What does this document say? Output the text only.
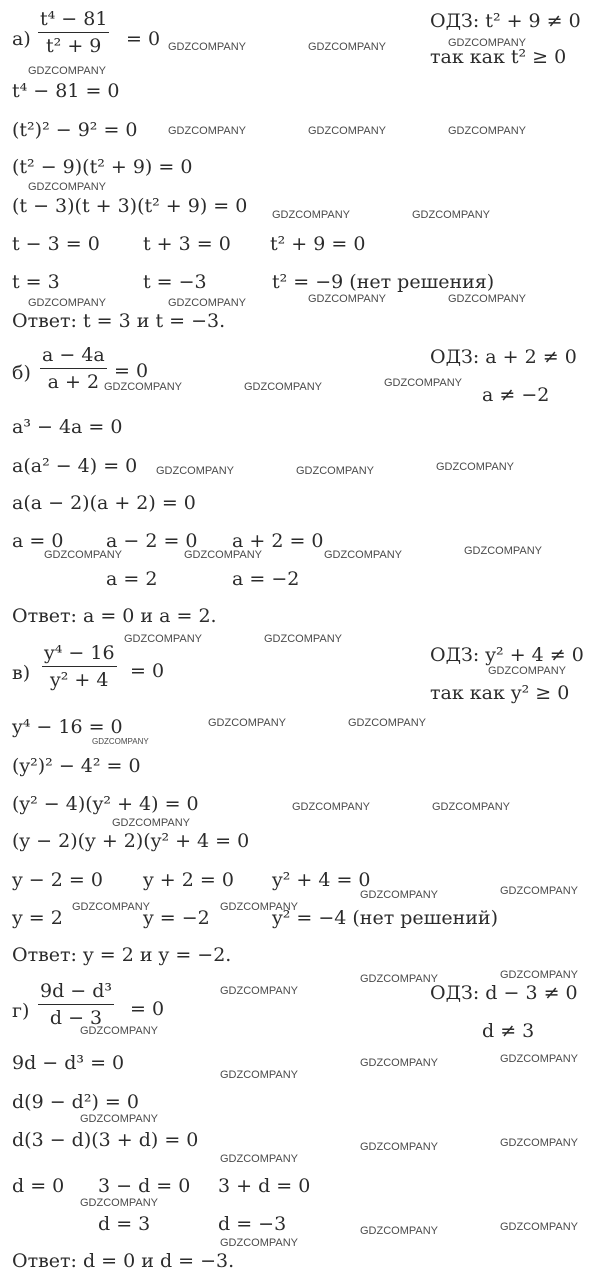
а)
t⁴ − 81
t² + 9	= 0
ОДЗ: t² + 9 ≠ 0
так как t² ≥ 0
t⁴ − 81 = 0
(t²)² − 9² = 0
(t² − 9)(t² + 9) = 0
(t − 3)(t + 3)(t² + 9) = 0
t − 3 = 0 t + 3 = 0 t² + 9 = 0
t = 3	t = −3	t² = −9 (нет решения)
Ответ: t = 3 и t = −3.
б)
a − 4a
a + 2 = 0
ОДЗ: a + 2 ≠ 0
a ≠ −2
a³ − 4a = 0
a(a² − 4) = 0
a(a − 2)(a + 2) = 0
a = 0 a − 2 = 0 a + 2 = 0
a = 2	a = −2
Ответ: a = 0 и a = 2.
в)
y⁴ − 16
y² + 4	= 0
ОДЗ: y² + 4 ≠ 0
так как y² ≥ 0
y⁴ − 16 = 0
(y²)² − 4² = 0
(y² − 4)(y² + 4) = 0
(y − 2)(y + 2)(y² + 4 = 0
y − 2 = 0 y + 2 = 0 y² + 4 = 0
y = 2	y = −2	y² = −4 (нет решений)
Ответ: y = 2 и y = −2.
г)
9d − d³
d − 3	= 0
ОДЗ: d − 3 ≠ 0
d ≠ 3
9d − d³ = 0
d(9 − d²) = 0
d(3 − d)(3 + d) = 0
d = 0 3 − d = 0 3 + d = 0
d = 3	d = −3
Ответ: d = 0 и d = −3.
GDZCOMPANY	GDZCOMPANY	GDZCOMPANY
GDZCOMPANY
GDZCOMPANY	GDZCOMPANY	GDZCOMPANY
GDZCOMPANY
GDZCOMPANY	GDZCOMPANY
GDZCOMPANY	GDZCOMPANY
GDZCOMPANY	GDZCOMPANY
GDZCOMPANY	GDZCOMPANY	GDZCOMPANY
GDZCOMPANY	GDZCOMPANY	GDZCOMPANY
GDZCOMPANY	GDZCOMPANY	GDZCOMPANY	GDZCOMPANY
GDZCOMPANY	GDZCOMPANY
GDZCOMPANY
GDZCOMPANY	GDZCOMPANY
GDZCOMPANY
GDZCOMPANY	GDZCOMPANY
GDZCOMPANY
GDZCOMPANY	GDZCOMPANY
GDZCOMPANY	GDZCOMPANY
GDZCOMPANY	GDZCOMPANY
GDZCOMPANY
GDZCOMPANY
GDZCOMPANY	GDZCOMPANY
GDZCOMPANY
GDZCOMPANY
GDZCOMPANY	GDZCOMPANY
GDZCOMPANY
GDZCOMPANY
GDZCOMPANY	GDZCOMPANY
GDZCOMPANY
